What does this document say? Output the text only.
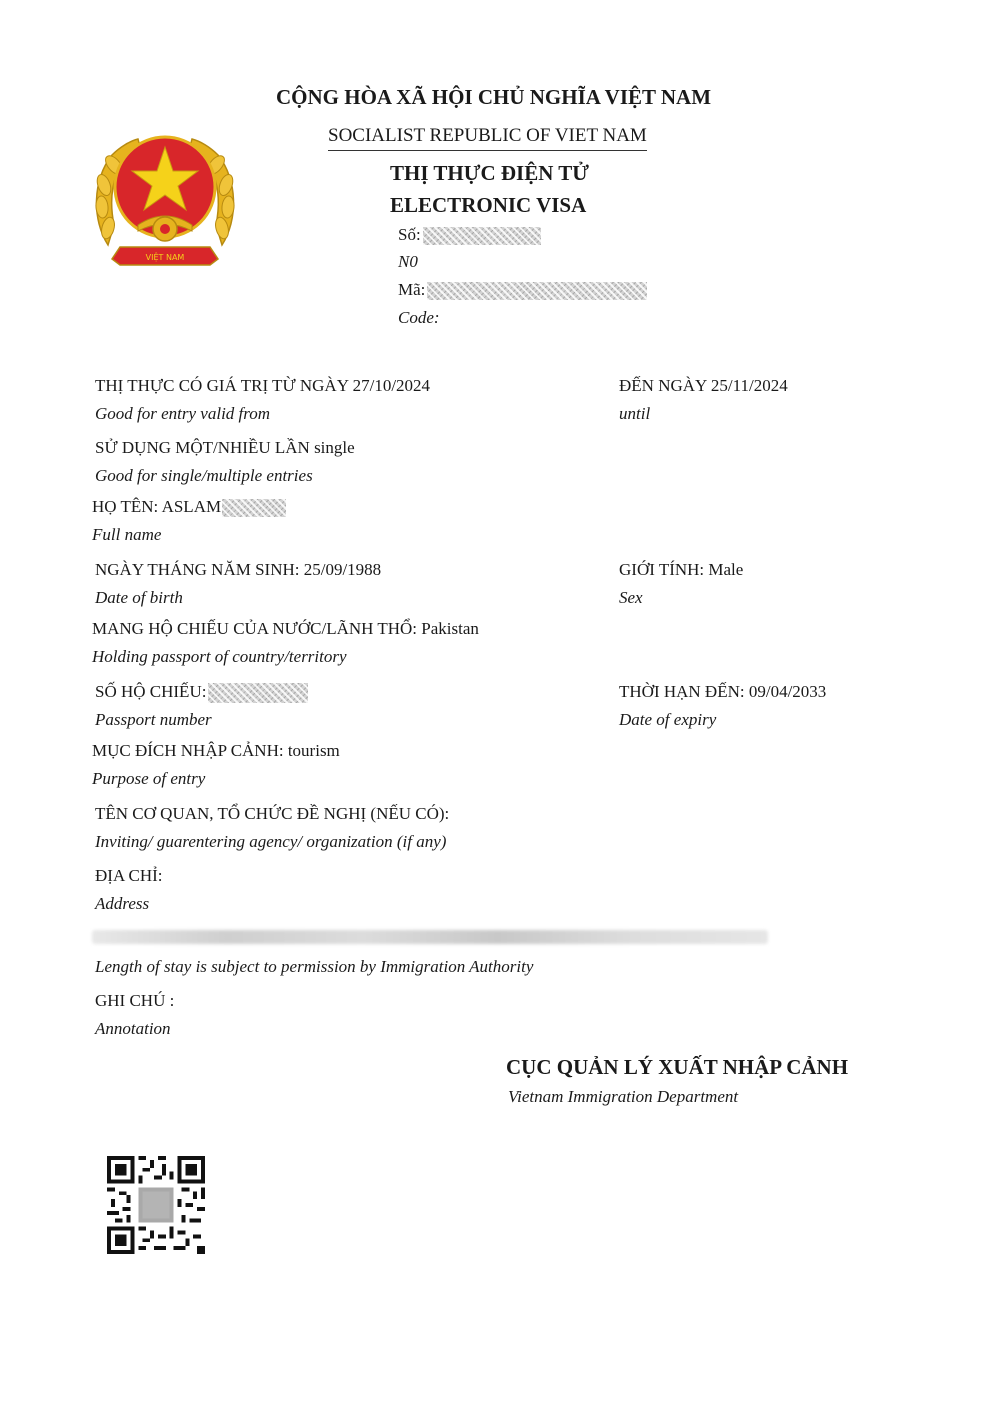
VIỆT NAM
CỘNG HÒA XÃ HỘI CHỦ NGHĨA VIỆT NAM
SOCIALIST REPUBLIC OF VIET NAM
THỊ THỰC ĐIỆN TỬ
ELECTRONIC VISA
Số:
N0
Mã:
Code:
THỊ THỰC CÓ GIÁ TRỊ TỪ NGÀY 27/10/2024
Good for entry valid from
ĐẾN NGÀY 25/11/2024
until
SỬ DỤNG MỘT/NHIỀU LẦN single
Good for single/multiple entries
HỌ TÊN: ASLAM
Full name
NGÀY THÁNG NĂM SINH: 25/09/1988
Date of birth
GIỚI TÍNH: Male
Sex
MANG HỘ CHIẾU CỦA NƯỚC/LÃNH THỔ: Pakistan
Holding passport of country/territory
SỐ HỘ CHIẾU:
Passport number
THỜI HẠN ĐẾN: 09/04/2033
Date of expiry
MỤC ĐÍCH NHẬP CẢNH: tourism
Purpose of entry
TÊN CƠ QUAN, TỔ CHỨC ĐỀ NGHỊ (NẾU CÓ):
Inviting/ guarentering agency/ organization (if any)
ĐỊA CHỈ:
Address
Length of stay is subject to permission by Immigration Authority
GHI CHÚ :
Annotation
CỤC QUẢN LÝ XUẤT NHẬP CẢNH
Vietnam Immigration Department
